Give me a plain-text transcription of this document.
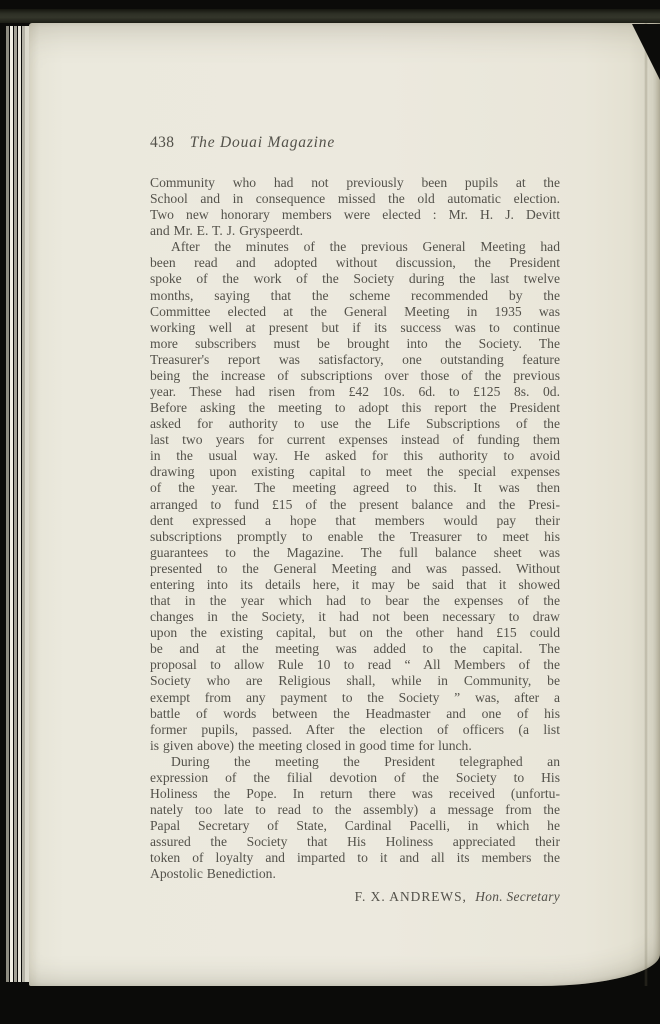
438 The Douai Magazine
Community who had not previously been pupils at the
School and in consequence missed the old automatic election.
Two new honorary members were elected : Mr. H. J. Devitt
and Mr. E. T. J. Gryspeerdt.
After the minutes of the previous General Meeting had
been read and adopted without discussion, the President
spoke of the work of the Society during the last twelve
months, saying that the scheme recommended by the
Committee elected at the General Meeting in 1935 was
working well at present but if its success was to continue
more subscribers must be brought into the Society. The
Treasurer's report was satisfactory, one outstanding feature
being the increase of subscriptions over those of the previous
year. These had risen from £42 10s. 6d. to £125 8s. 0d.
Before asking the meeting to adopt this report the President
asked for authority to use the Life Subscriptions of the
last two years for current expenses instead of funding them
in the usual way. He asked for this authority to avoid
drawing upon existing capital to meet the special expenses
of the year. The meeting agreed to this. It was then
arranged to fund £15 of the present balance and the Presi-
dent expressed a hope that members would pay their
subscriptions promptly to enable the Treasurer to meet his
guarantees to the Magazine. The full balance sheet was
presented to the General Meeting and was passed. Without
entering into its details here, it may be said that it showed
that in the year which had to bear the expenses of the
changes in the Society, it had not been necessary to draw
upon the existing capital, but on the other hand £15 could
be and at the meeting was added to the capital. The
proposal to allow Rule 10 to read “ All Members of the
Society who are Religious shall, while in Community, be
exempt from any payment to the Society ” was, after a
battle of words between the Headmaster and one of his
former pupils, passed. After the election of officers (a list
is given above) the meeting closed in good time for lunch.
During the meeting the President telegraphed an
expression of the filial devotion of the Society to His
Holiness the Pope. In return there was received (unfortu-
nately too late to read to the assembly) a message from the
Papal Secretary of State, Cardinal Pacelli, in which he
assured the Society that His Holiness appreciated their
token of loyalty and imparted to it and all its members the
Apostolic Benediction.
F. X. ANDREWS, Hon. Secretary
